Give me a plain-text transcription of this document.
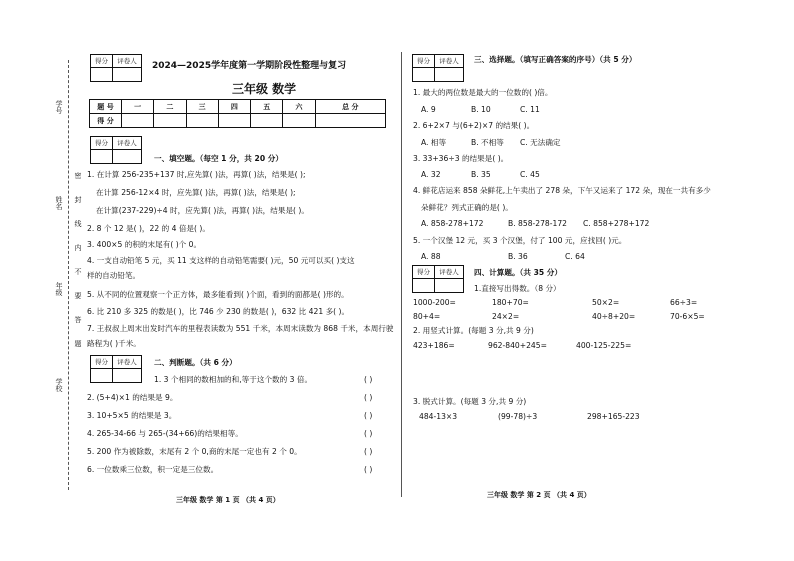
学号
姓名
年级
学校
密
封
线
内
不
要
答
题
得分	评卷人	2024—2025学年度第一学期阶段性整理与复习
三年级 数学
题 号	一	二	三	四	五	六	总 分
得 分							
得分	评卷人
一、填空题。（每空 1 分，共 20 分）
1. 在计算 256-235+137 时,应先算( )法，再算( )法，结果是( );
在计算 256-12×4 时，应先算( )法，再算( )法，结果是( );
在计算(237-229)÷4 时，应先算( )法，再算( )法，结果是( )。
2. 8 个 12 是( )，22 的 4 倍是( )。
3. 400×5 的积的末尾有( )个 0。
4. 一支自动铅笔 5 元，买 11 支这样的自动铅笔需要( )元，50 元可以买( )支这
样的自动铅笔。
5. 从不同的位置观察一个正方体，最多能看到( )个面，看到的面都是( )形的。
6. 比 210 多 325 的数是( )，比 746 少 230 的数是( )，632 比 421 多( )。
7. 王叔叔上周末出发时汽车的里程表读数为 551 千米，本周末读数为 868 千米，本周行驶
路程为( )千米。
得分	评卷人	二、判断题。（共 6 分）
1. 3 个相同的数相加的和,等于这个数的 3 倍。	( )
2. (5+4)×1 的结果是 9。	( )
3. 10+5×5 的结果是 3。	( )
4. 265-34-66 与 265-(34+66)的结果相等。	( )
5. 200 作为被除数，末尾有 2 个 0,商的末尾一定也有 2 个 0。	( )
6. 一位数乘三位数，积一定是三位数。	( )
三年级 数学 第 1 页 （共 4 页）
得分	评卷人	三、选择题。（填写正确答案的序号）（共 5 分）
1. 最大的两位数是最大的一位数的( )倍。
A. 9	B. 10	C. 11
2. 6+2×7 与(6+2)×7 的结果( )。
A. 相等	B. 不相等 C. 无法确定
3. 33+36÷3 的结果是( )。
A. 32	B. 35	C. 45
4. 鲜花店运来 858 朵鲜花,上午卖出了 278 朵，下午又运来了 172 朵，现在一共有多少
朵鲜花？列式正确的是( )。
A. 858-278+172	B. 858-278-172 C. 858+278+172
5. 一个汉堡 12 元，买 3 个汉堡，付了 100 元，应找回( )元。
A. 88	B. 36	C. 64
得分	评卷人	四、计算题。（共 35 分）
1.直接写出得数。（8 分）
1000-200=	180+70=	50×2=	66÷3=
80+4=	24×2=	40÷8+20=	70-6×5=
2. 用竖式计算。(每题 3 分,共 9 分)
423+186=	962-840+245=	400-125-225=
3. 脱式计算。(每题 3 分,共 9 分)
484-13×3	(99-78)÷3	298+165-223
三年级 数学 第 2 页 （共 4 页）
